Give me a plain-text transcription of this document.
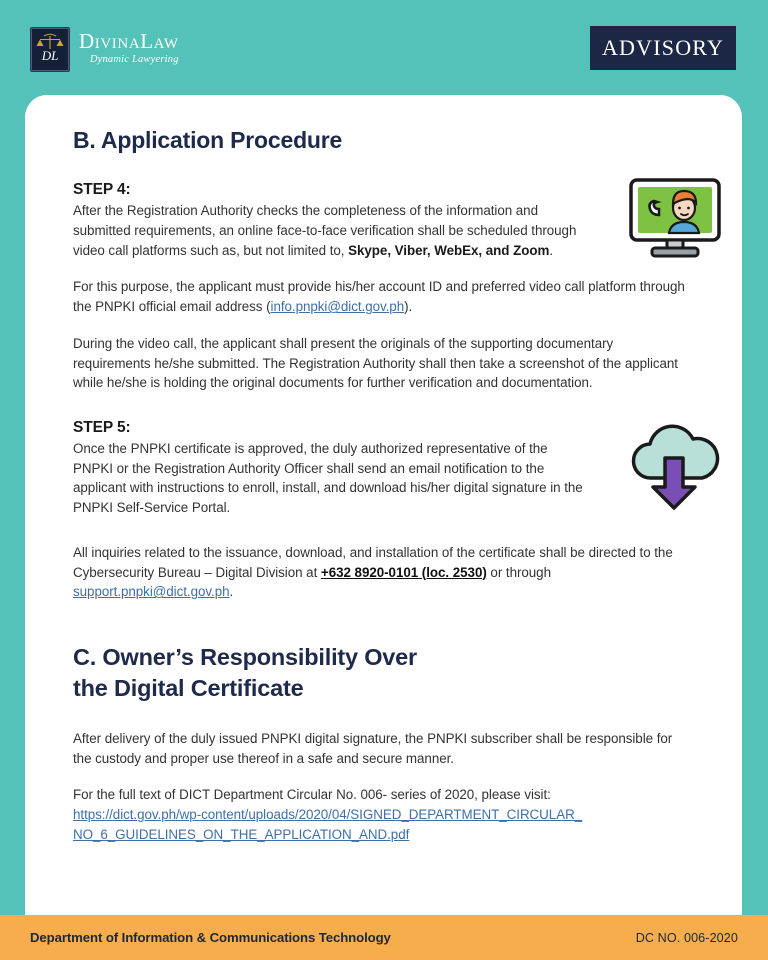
DL
DivinaLaw
Dynamic Lawyering	ADVISORY
B. Application Procedure
STEP 4:

After the Registration Authority checks the completeness of the information and submitted requirements, an online face-to-face verification shall be scheduled through video call platforms such as, but not limited to, Skype, Viber, WebEx, and Zoom.

For this purpose, the applicant must provide his/her account ID and preferred video call platform through the PNPKI official email address (info.pnpki@dict.gov.ph).

During the video call, the applicant shall present the originals of the supporting documentary requirements he/she submitted. The Registration Authority shall then take a screenshot of the applicant while he/she is holding the original documents for further verification and documentation.

STEP 5:

Once the PNPKI certificate is approved, the duly authorized representative of the PNPKI or the Registration Authority Officer shall send an email notification to the applicant with instructions to enroll, install, and download his/her digital signature in the PNPKI Self-Service Portal.

All inquiries related to the issuance, download, and installation of the certificate shall be directed to the Cybersecurity Bureau – Digital Division at +632 8920-0101 (loc. 2530) or through support.pnpki@dict.gov.ph.

C. Owner’s Responsibility Over
the Digital Certificate

After delivery of the duly issued PNPKI digital signature, the PNPKI subscriber shall be responsible for the custody and proper use thereof in a safe and secure manner.

For the full text of DICT Department Circular No. 006- series of 2020, please visit:

https://dict.gov.ph/wp-content/uploads/2020/04/SIGNED_DEPARTMENT_CIRCULAR_
NO_6_GUIDELINES_ON_THE_APPLICATION_AND.pdf

Department of Information & Communications Technology	DC NO. 006-2020
